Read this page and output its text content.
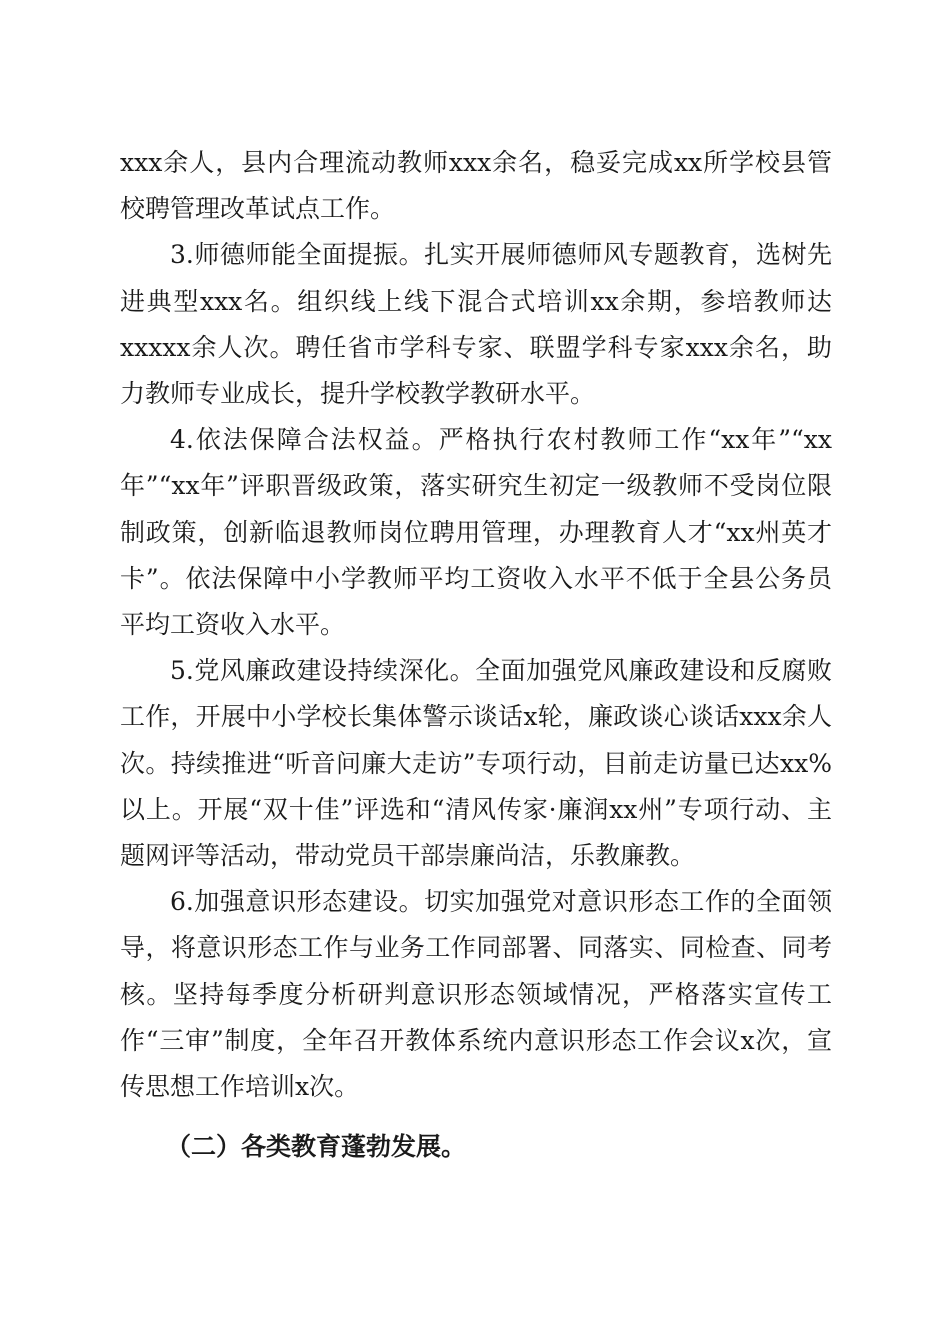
xxx余人，县内合理流动教师xxx余名，稳妥完成xx所学校县管校聘管理改革试点工作。

3.师德师能全面提振。扎实开展师德师风专题教育，选树先进典型xxx名。组织线上线下混合式培训xx余期，参培教师达xxxxx余人次。聘任省市学科专家、联盟学科专家xxx余名，助力教师专业成长，提升学校教学教研水平。

4.依法保障合法权益。严格执行农村教师工作“xx年”“xx年”“xx年”评职晋级政策，落实研究生初定一级教师不受岗位限制政策，创新临退教师岗位聘用管理，办理教育人才“xx州英才卡”。依法保障中小学教师平均工资收入水平不低于全县公务员平均工资收入水平。

5.党风廉政建设持续深化。全面加强党风廉政建设和反腐败工作，开展中小学校长集体警示谈话x轮，廉政谈心谈话xxx余人次。持续推进“听音问廉大走访”专项行动，目前走访量已达xx%以上。开展“双十佳”评选和“清风传家·廉润xx州”专项行动、主题网评等活动，带动党员干部崇廉尚洁，乐教廉教。

6.加强意识形态建设。切实加强党对意识形态工作的全面领导，将意识形态工作与业务工作同部署、同落实、同检查、同考核。坚持每季度分析研判意识形态领域情况，严格落实宣传工作“三审”制度，全年召开教体系统内意识形态工作会议x次，宣传思想工作培训x次。

（二）各类教育蓬勃发展。
